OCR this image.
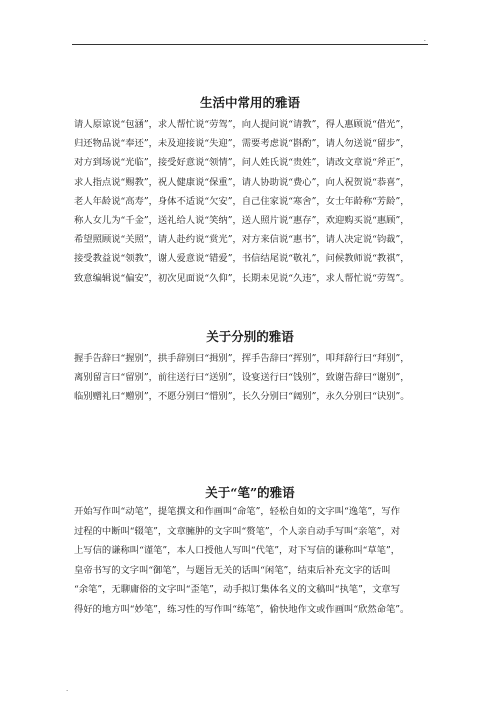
.
生活中常用的雅语

请人原谅说“包涵”，求人帮忙说“劳驾”，向人提问说“请教”，得人惠顾说“借光”，
归还物品说“奉还”，未及迎接说“失迎”，需要考虑说“斟酌”，请人勿送说“留步”，
对方到场说“光临”，接受好意说“领情”，问人姓氏说“贵姓”，请改文章说“斧正”，
求人指点说“赐教”，祝人健康说“保重”，请人协助说“费心”，向人祝贺说“恭喜”，
老人年龄说“高寿”，身体不适说“欠安”，自己住家说“寒舍”，女士年龄称“芳龄”，
称人女儿为“千金”，送礼给人说“笑纳”，送人照片说“惠存”，欢迎购买说“惠顾”，
希望照顾说“关照”，请人赴约说“赏光”，对方来信说“惠书”，请人决定说“钧裁”，
接受教益说“领教”，谢人爱意说“错爱”，书信结尾说“敬礼”，问候教师说“教祺”，
致意编辑说“偏安”，初次见面说“久仰”，长期未见说“久违”，求人帮忙说“劳驾”。

关于分别的雅语

握手告辞曰“握别”，拱手辞别曰“揖别”，挥手告辞曰“挥别”，叩拜辞行曰“拜别”，
离别留言曰“留别”，前往送行曰“送别”，设宴送行曰“饯别”，致谢告辞曰“谢别”，
临别赠礼曰“赠别”，不愿分别曰“惜别”，长久分别曰“阔别”，永久分别曰“诀别”。

关于“笔”的雅语

开始写作叫“动笔”，提笔撰文和作画叫“命笔”，轻松自如的文字叫“逸笔”，写作
过程的中断叫“辍笔”，文章臃肿的文字叫“赘笔”，个人亲自动手写叫“亲笔”，对
上写信的谦称叫“谨笔”，本人口授他人写叫“代笔”，对下写信的谦称叫“草笔”，
皇帝书写的文字叫“御笔”，与题旨无关的话叫“闲笔”，结束后补充文字的话叫
“余笔”，无聊庸俗的文字叫“歪笔”，动手拟订集体名义的文稿叫“执笔”，文章写
得好的地方叫“妙笔”，练习性的写作叫“练笔”，偷快地作文或作画叫“欣然命笔”。

.
